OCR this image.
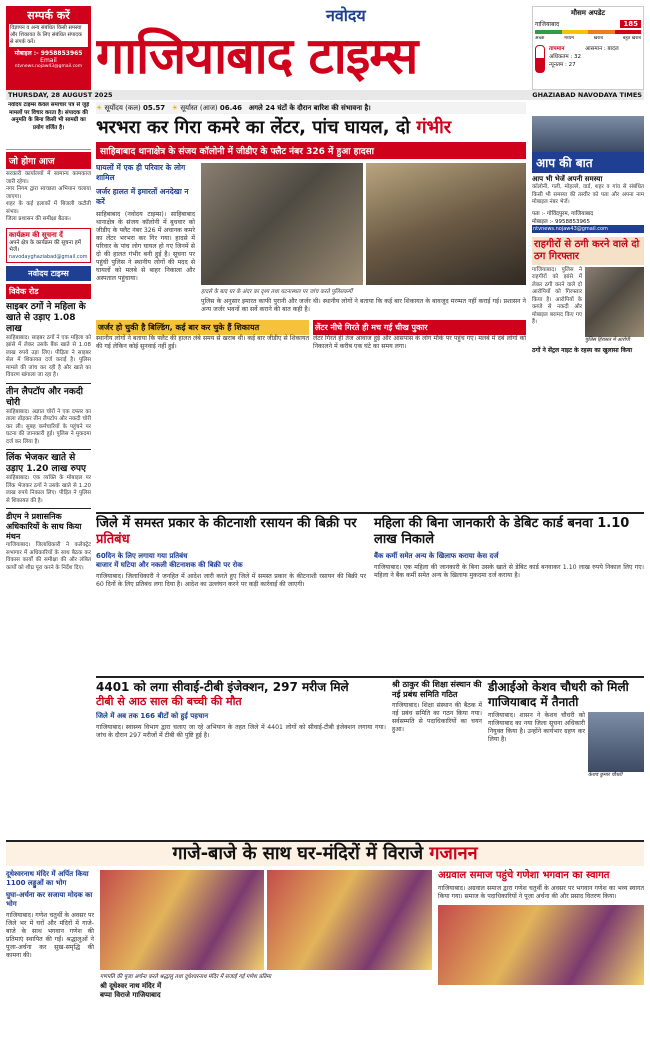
सम्पर्क करें
विज्ञापन व अन्य संबंधित किसी समस्या और शिकायत के लिए संबंधित संपादक से संपर्क करें।
मोबाइल :- 9958853965
Email
ntvnews.nojaw43@gmail.com
नवोदय
गाजियाबाद टाइम्स
मौसम अपडेट
गाजियाबाद	185
अच्छा	मध्यम	खराब	बहुत खराब
तापमान
अधिकतम : 32
न्यूनतम : 27
आसमान : बादल
THURSDAY, 28 AUGUST 2025	GHAZIABAD NAVODAYA TIMES
नवोदय टाइम्स केवल समाचार पत्र से जुड़े मामलों पर विचार करता है। संपादक की अनुमति के बिना किसी भी सामग्री का प्रयोग वर्जित है।
☀ सूर्योदय (कल) 05.57 ☀ सूर्यास्त (आज) 06.46 अगले 24 घंटों के दौरान बारिश की संभावना है।
जो होगा आज
सरकारी कार्यालयों में सामान्य कामकाज जारी रहेगा।
नगर निगम द्वारा स्वच्छता अभियान चलाया जाएगा।
शहर के कई इलाकों में बिजली कटौती संभव।
जिला प्रशासन की समीक्षा बैठक।
कार्यक्रम की सूचना दें
अपने क्षेत्र के कार्यक्रम की सूचना हमें भेजें।
navodayghaziabad@gmail.com
नवोदय टाइम्स
विवेक रोड
साइबर ठगों ने महिला के खाते से उड़ाए 1.08 लाख
साहिबाबाद। साइबर ठगों ने एक महिला को झांसे में लेकर उसके बैंक खाते से 1.08 लाख रुपये उड़ा लिए। पीड़िता ने साइबर सेल में शिकायत दर्ज कराई है। पुलिस मामले की जांच कर रही है और खाते का विवरण खंगाला जा रहा है।
तीन लैपटॉप और नकदी चोरी
साहिबाबाद। अज्ञात चोरों ने एक दफ्तर का ताला तोड़कर तीन लैपटॉप और नकदी चोरी कर ली। सुबह कर्मचारियों के पहुंचने पर घटना की जानकारी हुई। पुलिस ने मुकदमा दर्ज कर लिया है।
लिंक भेजकर खाते से उड़ाए 1.20 लाख रुपए
साहिबाबाद। एक व्यक्ति के मोबाइल पर लिंक भेजकर ठगों ने उसके खाते से 1.20 लाख रुपये निकाल लिए। पीड़ित ने पुलिस से शिकायत की है।
डीएम ने प्रशासनिक अधिकारियों के साथ किया मंथन
गाजियाबाद। जिलाधिकारी ने कलेक्ट्रेट सभागार में अधिकारियों के साथ बैठक कर विकास कार्यों की समीक्षा की और लंबित कार्यों को शीघ्र पूरा करने के निर्देश दिए।
भरभरा कर गिरा कमरे का लेंटर, पांच घायल, दो गंभीर
साहिबाबाद थानाक्षेत्र के संजय कॉलोनी में जीडीए के फ्लैट नंबर 326 में हुआ हादसा
घायलों में एक ही परिवार के लोग शामिल
जर्जर हालत में इमारतों अनदेखा न करें
साहिबाबाद (नवोदय टाइम्स)। साहिबाबाद थानाक्षेत्र के संजय कॉलोनी में बुधवार को जीडीए के फ्लैट नंबर 326 में अचानक कमरे का लेंटर भरभरा कर गिर गया। हादसे में परिवार के पांच लोग घायल हो गए जिनमें से दो की हालत गंभीर बनी हुई है। सूचना पर पहुंची पुलिस ने स्थानीय लोगों की मदद से घायलों को मलबे से बाहर निकाला और अस्पताल पहुंचाया।
हादसे के बाद घर के अंदर का दृश्य तथा घटनास्थल पर जांच करते पुलिसकर्मी
पुलिस के अनुसार इमारत काफी पुरानी और जर्जर थी। स्थानीय लोगों ने बताया कि कई बार शिकायत के बावजूद मरम्मत नहीं कराई गई। प्रशासन ने अन्य जर्जर भवनों का सर्वे कराने की बात कही है।
जर्जर हो चुकी है बिल्डिंग, कई बार कर चुके हैं शिकायत
स्थानीय लोगों ने बताया कि फ्लैट की हालत लंबे समय से खराब थी। कई बार जीडीए से शिकायत की गई लेकिन कोई सुनवाई नहीं हुई।
लेंटर नीचे गिरते ही मच गई चीख पुकार
लेंटर गिरते ही तेज आवाज हुई और आसपास के लोग मौके पर पहुंच गए। मलबे में दबे लोगों को निकालने में करीब एक घंटे का समय लगा।
आप की बात
आप भी भेजें अपनी समस्या
कॉलोनी, गली, मोहल्ले, वार्ड, शहर व गांव से संबंधित किसी भी समस्या की तस्वीर को पता और अपना नाम मोबाइल नंबर भेजें।
पता :- गोविंदपुरम, गाजियाबाद
मोबाइल :- 9958853965
ntvnews.nojaw43@gmail.com
राहगीरों से ठगी करने वाले दो ठग गिरफ्तार
गाजियाबाद। पुलिस ने राहगीरों को झांसे में लेकर ठगी करने वाले दो आरोपियों को गिरफ्तार किया है। आरोपियों के कब्जे से नकदी और मोबाइल बरामद किए गए हैं।
पुलिस हिरासत में आरोपी
ठगों ने सेंट्रल नाइट के रहस्य का खुलासा किया
जिले में समस्त प्रकार के कीटनाशी रसायन की बिक्री पर प्रतिबंध
60दिन के लिए लगाया गया प्रतिबंध
बाजार में घटिया और नकली कीटनाशक की बिक्री पर रोक
गाजियाबाद। जिलाधिकारी ने जनहित में आदेश जारी करते हुए जिले में समस्त प्रकार के कीटनाशी रसायन की बिक्री पर 60 दिनों के लिए प्रतिबंध लगा दिया है। आदेश का उल्लंघन करने पर कड़ी कार्रवाई की जाएगी।
महिला की बिना जानकारी के डेबिट कार्ड बनवा 1.10 लाख निकाले
बैंक कर्मी समेत अन्य के खिलाफ कराया केस दर्ज
गाजियाबाद। एक महिला की जानकारी के बिना उसके खाते से डेबिट कार्ड बनवाकर 1.10 लाख रुपये निकाल लिए गए। महिला ने बैंक कर्मी समेत अन्य के खिलाफ मुकदमा दर्ज कराया है।
4401 को लगा सीवाई-टीबी इंजेक्शन, 297 मरीज मिले
टीबी से आठ साल की बच्ची की मौत
जिले में अब तक 166 बीटों को हुई पहचान
गाजियाबाद। स्वास्थ्य विभाग द्वारा चलाए जा रहे अभियान के तहत जिले में 4401 लोगों को सीवाई-टीबी इंजेक्शन लगाया गया। जांच के दौरान 297 मरीजों में टीबी की पुष्टि हुई है।
श्री ठाकुर की शिक्षा संस्थान की नई प्रबंध समिति गठित
गाजियाबाद। शिक्षा संस्थान की बैठक में नई प्रबंध समिति का गठन किया गया। सर्वसम्मति से पदाधिकारियों का चयन हुआ।
डीआईओ केशव चौधरी को मिली गाजियाबाद में तैनाती
गाजियाबाद। शासन ने केशव चौधरी को गाजियाबाद का नया जिला सूचना अधिकारी नियुक्त किया है। उन्होंने कार्यभार ग्रहण कर लिया है।
केशव कुमार चौधरी
गाजे-बाजे के साथ घर-मंदिरों में विराजे गजानन
दूधेश्वरनाथ मंदिर में अर्पित किया 1100 लड्डुओं का भोग
घुघा-अर्चना कर सजाया मोदक का भोग
गाजियाबाद। गणेश चतुर्थी के अवसर पर जिले भर में घरों और मंदिरों में गाजे-बाजे के साथ भगवान गणेश की प्रतिमाएं स्थापित की गईं। श्रद्धालुओं ने पूजा-अर्चना कर सुख-समृद्धि की कामना की।
गणपति की पूजा अर्चना करते श्रद्धालु तथा दूधेश्वरनाथ मंदिर में सजाई गई गणेश प्रतिमा
श्री दूधेश्वर नाथ मंदिर में
बप्पा विराजे गाजियाबाद
अग्रवाल समाज पहुंचे गणेशा भगवान का स्वागत
गाजियाबाद। अग्रवाल समाज द्वारा गणेश चतुर्थी के अवसर पर भगवान गणेश का भव्य स्वागत किया गया। समाज के पदाधिकारियों ने पूजा अर्चना की और प्रसाद वितरण किया।
